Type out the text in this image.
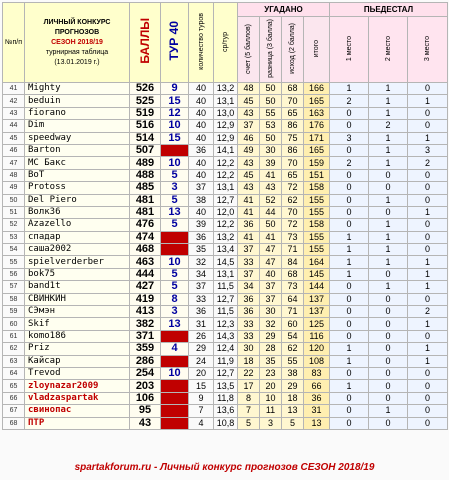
№п/п	ЛИЧНЫЙ КОНКУРС
ПРОГНОЗОВ
СЕЗОН 2018/19
турнирная таблица
(13.01.2019 г.)	БАЛЛЫ	ТУР 40	количество туров	ср/тур	УГАДАНО				ПЬЕДЕСТАЛ		
						счет (5 баллов)	разница (3 балла)	исход (2 балла)	итого	1 место	2 место	3 место
41	Mighty	526	9	40	13,2	48	50	68	166	1	1	0
42	beduin	525	15	40	13,1	45	50	70	165	2	1	1
43	fiorano	519	12	40	13,0	43	55	65	163	0	1	0
44	Dim	516	10	40	12,9	37	53	86	176	0	2	0
45	speedway	514	15	40	12,9	46	50	75	171	3	1	1
46	Barton	507		36	14,1	49	30	86	165	0	1	3
47	MC Бакс	489	10	40	12,2	43	39	70	159	2	1	2
48	BoT	488	5	40	12,2	45	41	65	151	0	0	0
49	Protoss	485	3	37	13,1	43	43	72	158	0	0	0
50	Del Piero	481	5	38	12,7	41	52	62	155	0	1	0
51	Волк36	481	13	40	12,0	41	44	70	155	0	0	1
52	Azazello	476	5	39	12,2	36	50	72	158	0	1	0
53	спадар	474		36	13,2	41	41	73	155	1	1	0
54	саша2002	468		35	13,4	37	47	71	155	1	1	0
55	spielverderber	463	10	32	14,5	33	47	84	164	1	1	1
56	bok75	444	5	34	13,1	37	40	68	145	1	0	1
57	band1t	427	5	37	11,5	34	37	73	144	0	1	1
58	СВИНКИН	419	8	33	12,7	36	37	64	137	0	0	0
59	СЭмэн	413	3	36	11,5	36	30	71	137	0	0	2
60	Skif	382	13	31	12,3	33	32	60	125	0	0	1
61	komo186	371		26	14,3	33	29	54	116	0	0	0
62	Priz	359	4	29	12,4	30	28	62	120	1	0	1
63	Кайсар	286		24	11,9	18	35	55	108	1	0	1
64	Trevod	254	10	20	12,7	22	23	38	83	0	0	0
65	zloynazar2009	203		15	13,5	17	20	29	66	1	0	0
66	vladzaspartak	106		9	11,8	8	10	18	36	0	0	0
67	свинопас	95		7	13,6	7	11	13	31	0	1	0
68	ПТР	43		4	10,8	5	3	5	13	0	0	0
spartakforum.ru - Личный конкурс прогнозов СЕЗОН 2018/19
